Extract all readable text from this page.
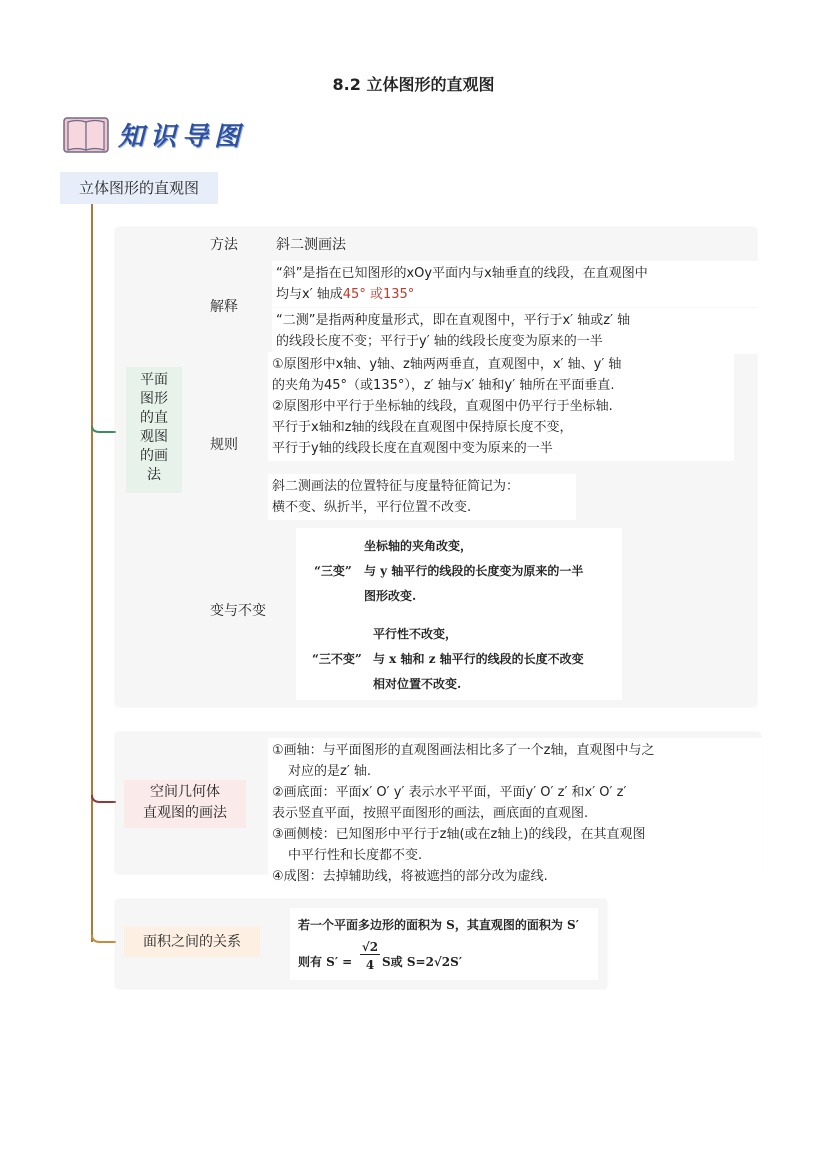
8.2 立体图形的直观图
知识导图
立体图形的直观图
平面
图形
的直
观图
的画
法
方法	斜二测画法
解释
“斜”是指在已知图形的xOy平面内与x轴垂直的线段，在直观图中
均与x′ 轴成45° 或135°
“二测”是指两种度量形式，即在直观图中，平行于x′ 轴或z′ 轴
的线段长度不变；平行于y′ 轴的线段长度变为原来的一半
规则
①原图形中x轴、y轴、z轴两两垂直，直观图中，x′ 轴、y′ 轴
的夹角为45°（或135°），z′ 轴与x′ 轴和y′ 轴所在平面垂直.
②原图形中平行于坐标轴的线段，直观图中仍平行于坐标轴.
平行于x轴和z轴的线段在直观图中保持原长度不变，
平行于y轴的线段长度在直观图中变为原来的一半
斜二测画法的位置特征与度量特征简记为：
横不变、纵折半，平行位置不改变.
变与不变
“三变”
坐标轴的夹角改变，
与 y 轴平行的线段的长度变为原来的一半
图形改变.
“三不变”
平行性不改变，
与 x 轴和 z 轴平行的线段的长度不改变
相对位置不改变.
空间几何体
直观图的画法
①画轴：与平面图形的直观图画法相比多了一个z轴，直观图中与之
对应的是z′ 轴.
②画底面：平面x′ O′ y′ 表示水平平面，平面y′ O′ z′ 和x′ O′ z′
表示竖直平面，按照平面图形的画法，画底面的直观图.
③画侧棱：已知图形中平行于z轴(或在z轴上)的线段，在其直观图
中平行性和长度都不变.
④成图：去掉辅助线，将被遮挡的部分改为虚线.
面积之间的关系
若一个平面多边形的面积为 S，其直观图的面积为 S′
则有 S′ =
√2
4 S或 S=2√2S′
